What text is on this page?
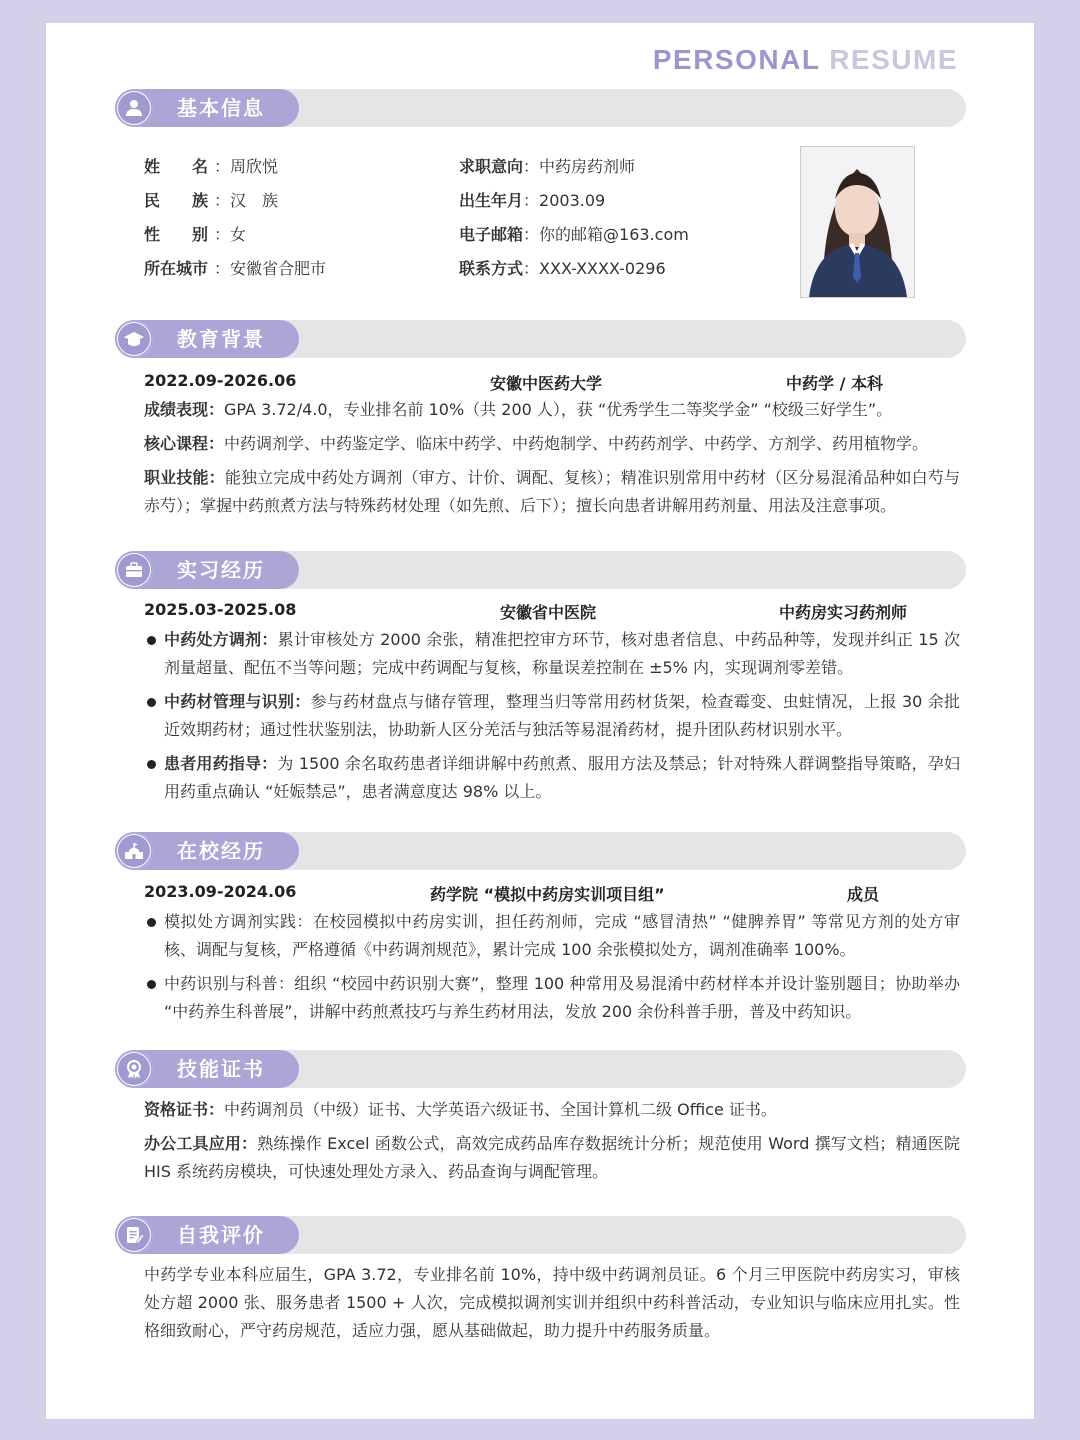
PERSONAL RESUME
基本信息
姓　　名 ：周欣悦
民　　族 ：汉　族
性　　别 ：女
所在城市 ：安徽省合肥市
求职意向：中药房药剂师
出生年月：2003.09
电子邮箱：你的邮箱@163.com
联系方式：XXX-XXXX-0296
教育背景
2022.09-2026.06	安徽中医药大学	中药学 / 本科
成绩表现：GPA 3.72/4.0，专业排名前 10%（共 200 人），获 “优秀学生二等奖学金” “校级三好学生”。
核心课程：中药调剂学、中药鉴定学、临床中药学、中药炮制学、中药药剂学、中药学、方剂学、药用植物学。
职业技能：能独立完成中药处方调剂（审方、计价、调配、复核）；精准识别常用中药材（区分易混淆品种如白芍与赤芍）；掌握中药煎煮方法与特殊药材处理（如先煎、后下）；擅长向患者讲解用药剂量、用法及注意事项。
实习经历
2025.03-2025.08	安徽省中医院	中药房实习药剂师
中药处方调剂：累计审核处方 2000 余张，精准把控审方环节，核对患者信息、中药品种等，发现并纠正 15 次剂量超量、配伍不当等问题；完成中药调配与复核，称量误差控制在 ±5% 内，实现调剂零差错。
中药材管理与识别：参与药材盘点与储存管理，整理当归等常用药材货架，检查霉变、虫蛀情况，上报 30 余批近效期药材；通过性状鉴别法，协助新人区分羌活与独活等易混淆药材，提升团队药材识别水平。
患者用药指导：为 1500 余名取药患者详细讲解中药煎煮、服用方法及禁忌；针对特殊人群调整指导策略，孕妇用药重点确认 “妊娠禁忌”，患者满意度达 98% 以上。
在校经历
2023.09-2024.06	药学院 “模拟中药房实训项目组”	成员
模拟处方调剂实践：在校园模拟中药房实训，担任药剂师，完成 “感冒清热” “健脾养胃” 等常见方剂的处方审核、调配与复核，严格遵循《中药调剂规范》，累计完成 100 余张模拟处方，调剂准确率 100%。
中药识别与科普：组织 “校园中药识别大赛”，整理 100 种常用及易混淆中药材样本并设计鉴别题目；协助举办 “中药养生科普展”，讲解中药煎煮技巧与养生药材用法，发放 200 余份科普手册，普及中药知识。
技能证书
资格证书：中药调剂员（中级）证书、大学英语六级证书、全国计算机二级 Office 证书。
办公工具应用：熟练操作 Excel 函数公式，高效完成药品库存数据统计分析；规范使用 Word 撰写文档；精通医院 HIS 系统药房模块，可快速处理处方录入、药品查询与调配管理。
自我评价
中药学专业本科应届生，GPA 3.72，专业排名前 10%，持中级中药调剂员证。6 个月三甲医院中药房实习，审核处方超 2000 张、服务患者 1500 + 人次，完成模拟调剂实训并组织中药科普活动，专业知识与临床应用扎实。性格细致耐心，严守药房规范，适应力强，愿从基础做起，助力提升中药服务质量。
